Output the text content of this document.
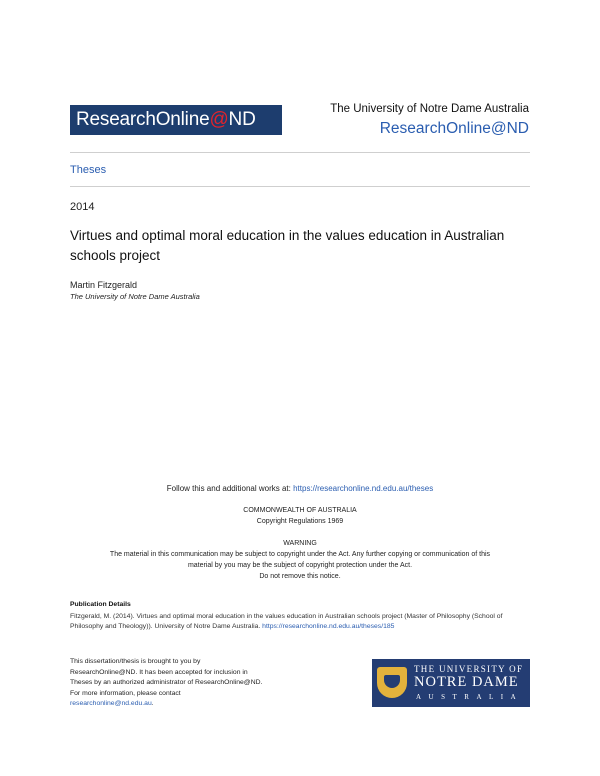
ResearchOnline@ND	The University of Notre Dame Australia
ResearchOnline@ND
Theses
2014
Virtues and optimal moral education in the values education in Australian schools project
Martin Fitzgerald
The University of Notre Dame Australia
Follow this and additional works at: https://researchonline.nd.edu.au/theses
COMMONWEALTH OF AUSTRALIA
Copyright Regulations 1969
WARNING
The material in this communication may be subject to copyright under the Act. Any further copying or communication of this
material by you may be the subject of copyright protection under the Act.
Do not remove this notice.
Publication Details
Fitzgerald, M. (2014). Virtues and optimal moral education in the values education in Australian schools project (Master of Philosophy (School of Philosophy and Theology)). University of Notre Dame Australia. https://researchonline.nd.edu.au/theses/185
This dissertation/thesis is brought to you by
ResearchOnline@ND. It has been accepted for inclusion in
Theses by an authorized administrator of ResearchOnline@ND.
For more information, please contact
researchonline@nd.edu.au.
THE UNIVERSITY OF
NOTRE DAME
AUSTRALIA
